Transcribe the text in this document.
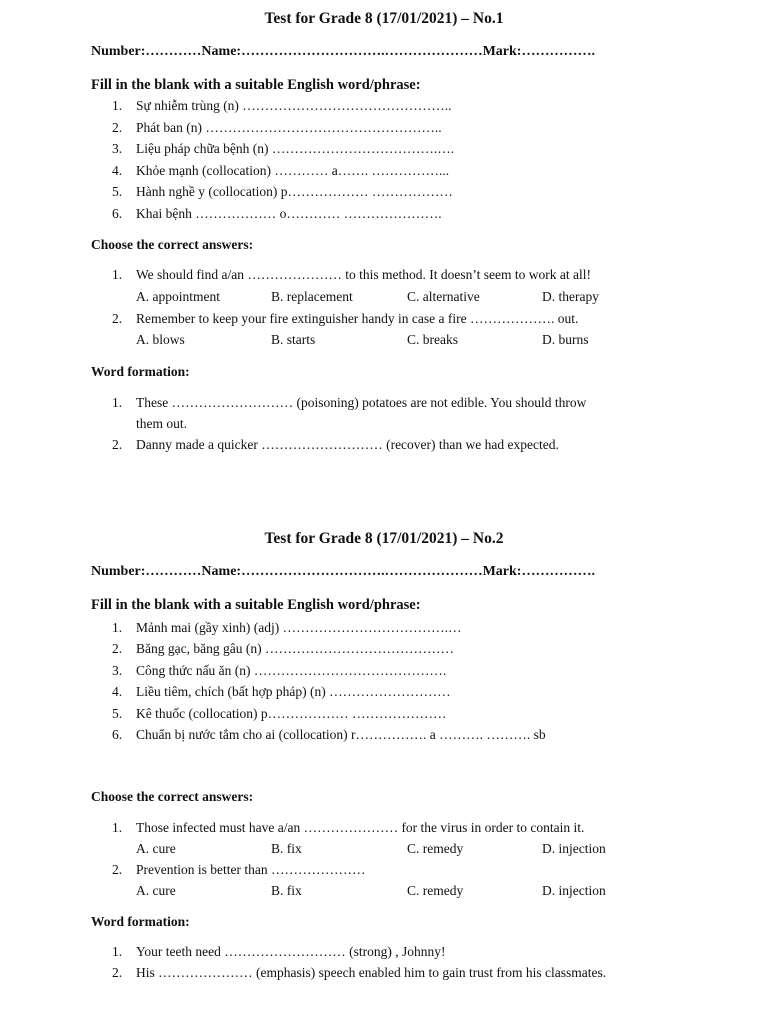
Test for Grade 8 (17/01/2021) – No.1
Number:…………Name:………………………….…………………Mark:…………….
Fill in the blank with a suitable English word/phrase:
1. Sự nhiễm trùng (n) ………………………………………..
2. Phát ban (n) ……………………………………………..
3. Liệu pháp chữa bệnh (n) ……………………………….….
4. Khỏe mạnh (collocation) ………… a……. ……………...
5. Hành nghề y (collocation) p……………… ………………
6. Khai bệnh ……………… o………… ………………….
Choose the correct answers:
1. We should find a/an ………………… to this method. It doesn’t seem to work at all!
A. appointment	B. replacement	C. alternative	D. therapy
2. Remember to keep your fire extinguisher handy in case a fire ………………. out.
A. blows	B. starts	C. breaks	D. burns
Word formation:
1. These ……………………… (poisoning) potatoes are not edible. You should throw
them out.
2. Danny made a quicker ……………………… (recover) than we had expected.
Test for Grade 8 (17/01/2021) – No.2
Number:…………Name:………………………….…………………Mark:…………….
Fill in the blank with a suitable English word/phrase:
1. Mảnh mai (gầy xinh) (adj) ……………………………….…
2. Băng gạc, băng gâu (n) ……………………………………
3. Công thức nấu ăn (n) …………………………………….
4. Liều tiêm, chích (bất hợp pháp) (n) ………………………
5. Kê thuốc (collocation) p……………… …………………
6. Chuẩn bị nước tắm cho ai (collocation) r……………. a ………. ………. sb
Choose the correct answers:
1. Those infected must have a/an ………………… for the virus in order to contain it.
A. cure	B. fix	C. remedy	D. injection
2. Prevention is better than …………………
A. cure	B. fix	C. remedy	D. injection
Word formation:
1. Your teeth need ……………………… (strong) , Johnny!
2. His ………………… (emphasis) speech enabled him to gain trust from his classmates.
